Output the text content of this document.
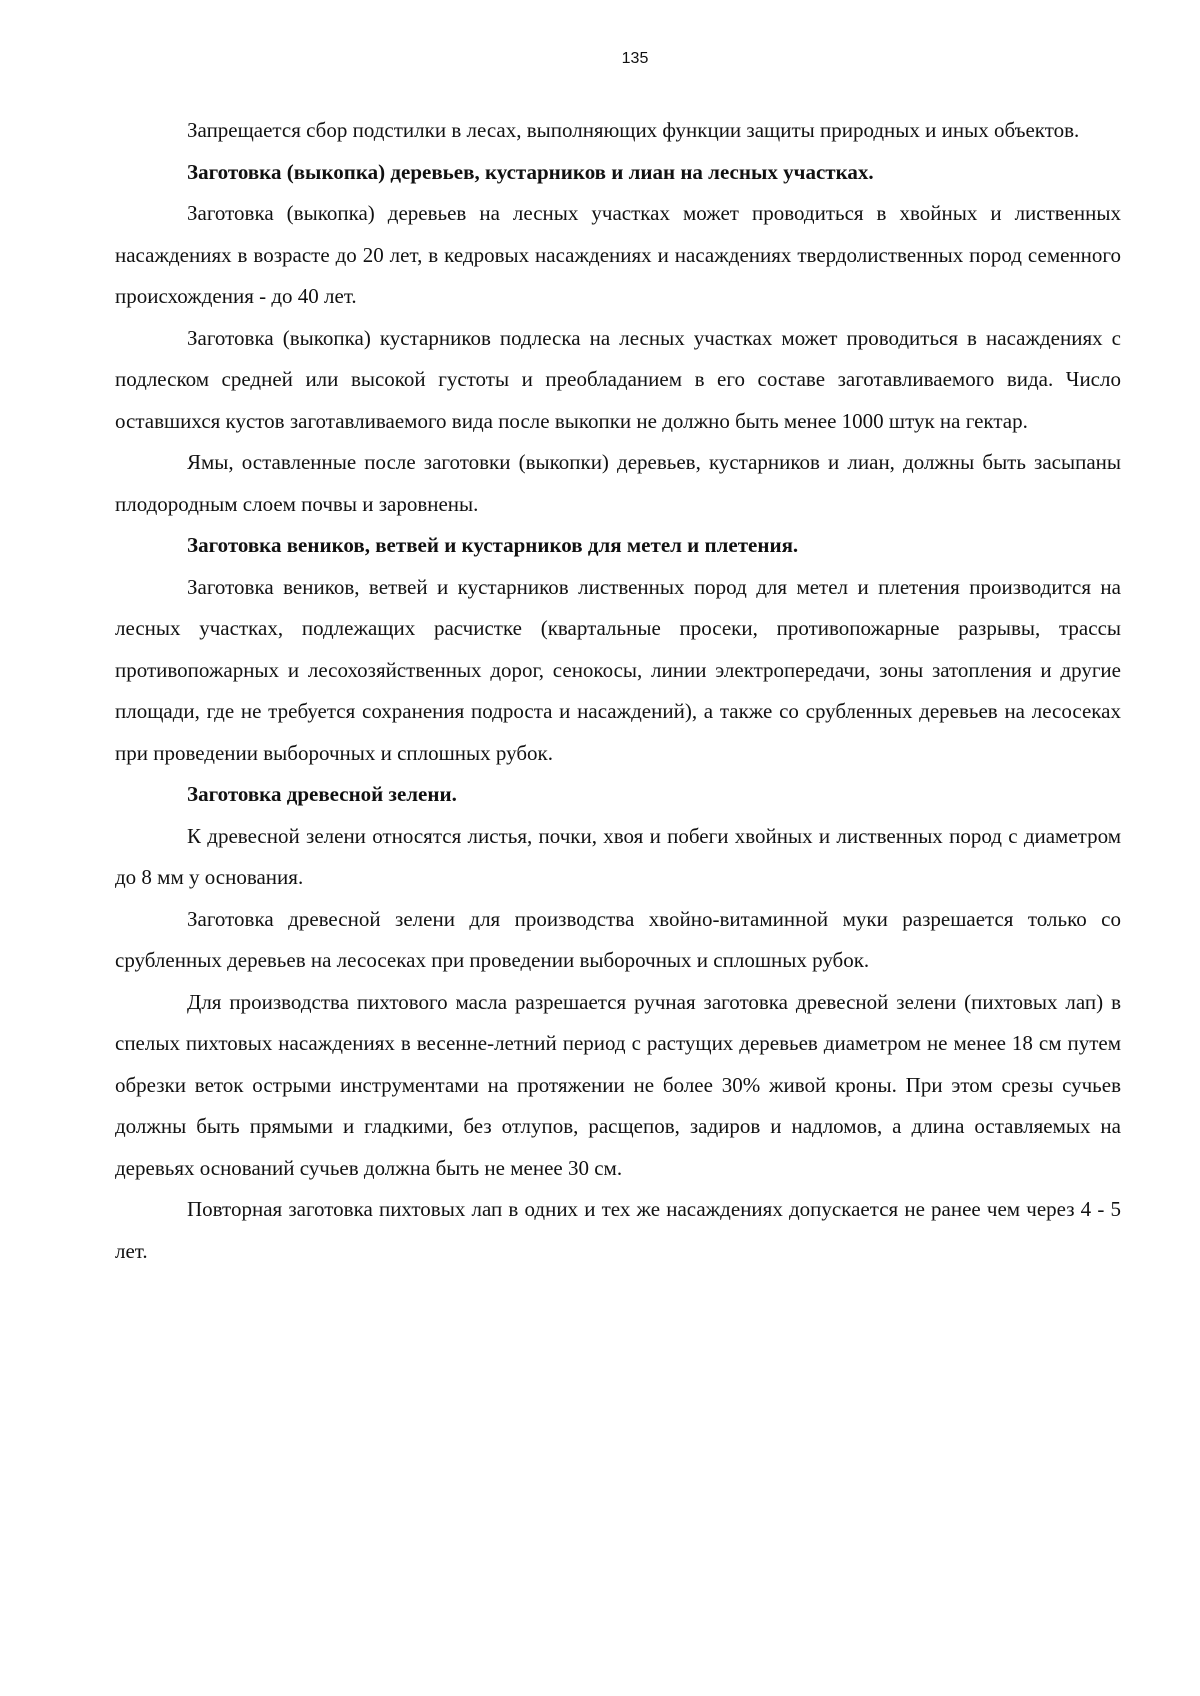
135

Запрещается сбор подстилки в лесах, выполняющих функции защиты природных и иных объектов.

Заготовка (выкопка) деревьев, кустарников и лиан на лесных участках.

Заготовка (выкопка) деревьев на лесных участках может проводиться в хвойных и лиственных насаждениях в возрасте до 20 лет, в кедровых насаждениях и насаждениях твердолиственных пород семенного происхождения - до 40 лет.

Заготовка (выкопка) кустарников подлеска на лесных участках может проводиться в насаждениях с подлеском средней или высокой густоты и преобладанием в его составе заготавливаемого вида. Число оставшихся кустов заготавливаемого вида после выкопки не должно быть менее 1000 штук на гектар.

Ямы, оставленные после заготовки (выкопки) деревьев, кустарников и лиан, должны быть засыпаны плодородным слоем почвы и заровнены.

Заготовка веников, ветвей и кустарников для метел и плетения.

Заготовка веников, ветвей и кустарников лиственных пород для метел и плетения производится на лесных участках, подлежащих расчистке (квартальные просеки, противопожарные разрывы, трассы противопожарных и лесохозяйственных дорог, сенокосы, линии электропередачи, зоны затопления и другие площади, где не требуется сохранения подроста и насаждений), а также со срубленных деревьев на лесосеках при проведении выборочных и сплошных рубок.

Заготовка древесной зелени.

К древесной зелени относятся листья, почки, хвоя и побеги хвойных и лиственных пород с диаметром до 8 мм у основания.

Заготовка древесной зелени для производства хвойно-витаминной муки разрешается только со срубленных деревьев на лесосеках при проведении выборочных и сплошных рубок.

Для производства пихтового масла разрешается ручная заготовка древесной зелени (пихтовых лап) в спелых пихтовых насаждениях в весенне-летний период с растущих деревьев диаметром не менее 18 см путем обрезки веток острыми инструментами на протяжении не более 30% живой кроны. При этом срезы сучьев должны быть прямыми и гладкими, без отлупов, расщепов, задиров и надломов, а длина оставляемых на деревьях оснований сучьев должна быть не менее 30 см.

Повторная заготовка пихтовых лап в одних и тех же насаждениях допускается не ранее чем через 4 - 5 лет.
